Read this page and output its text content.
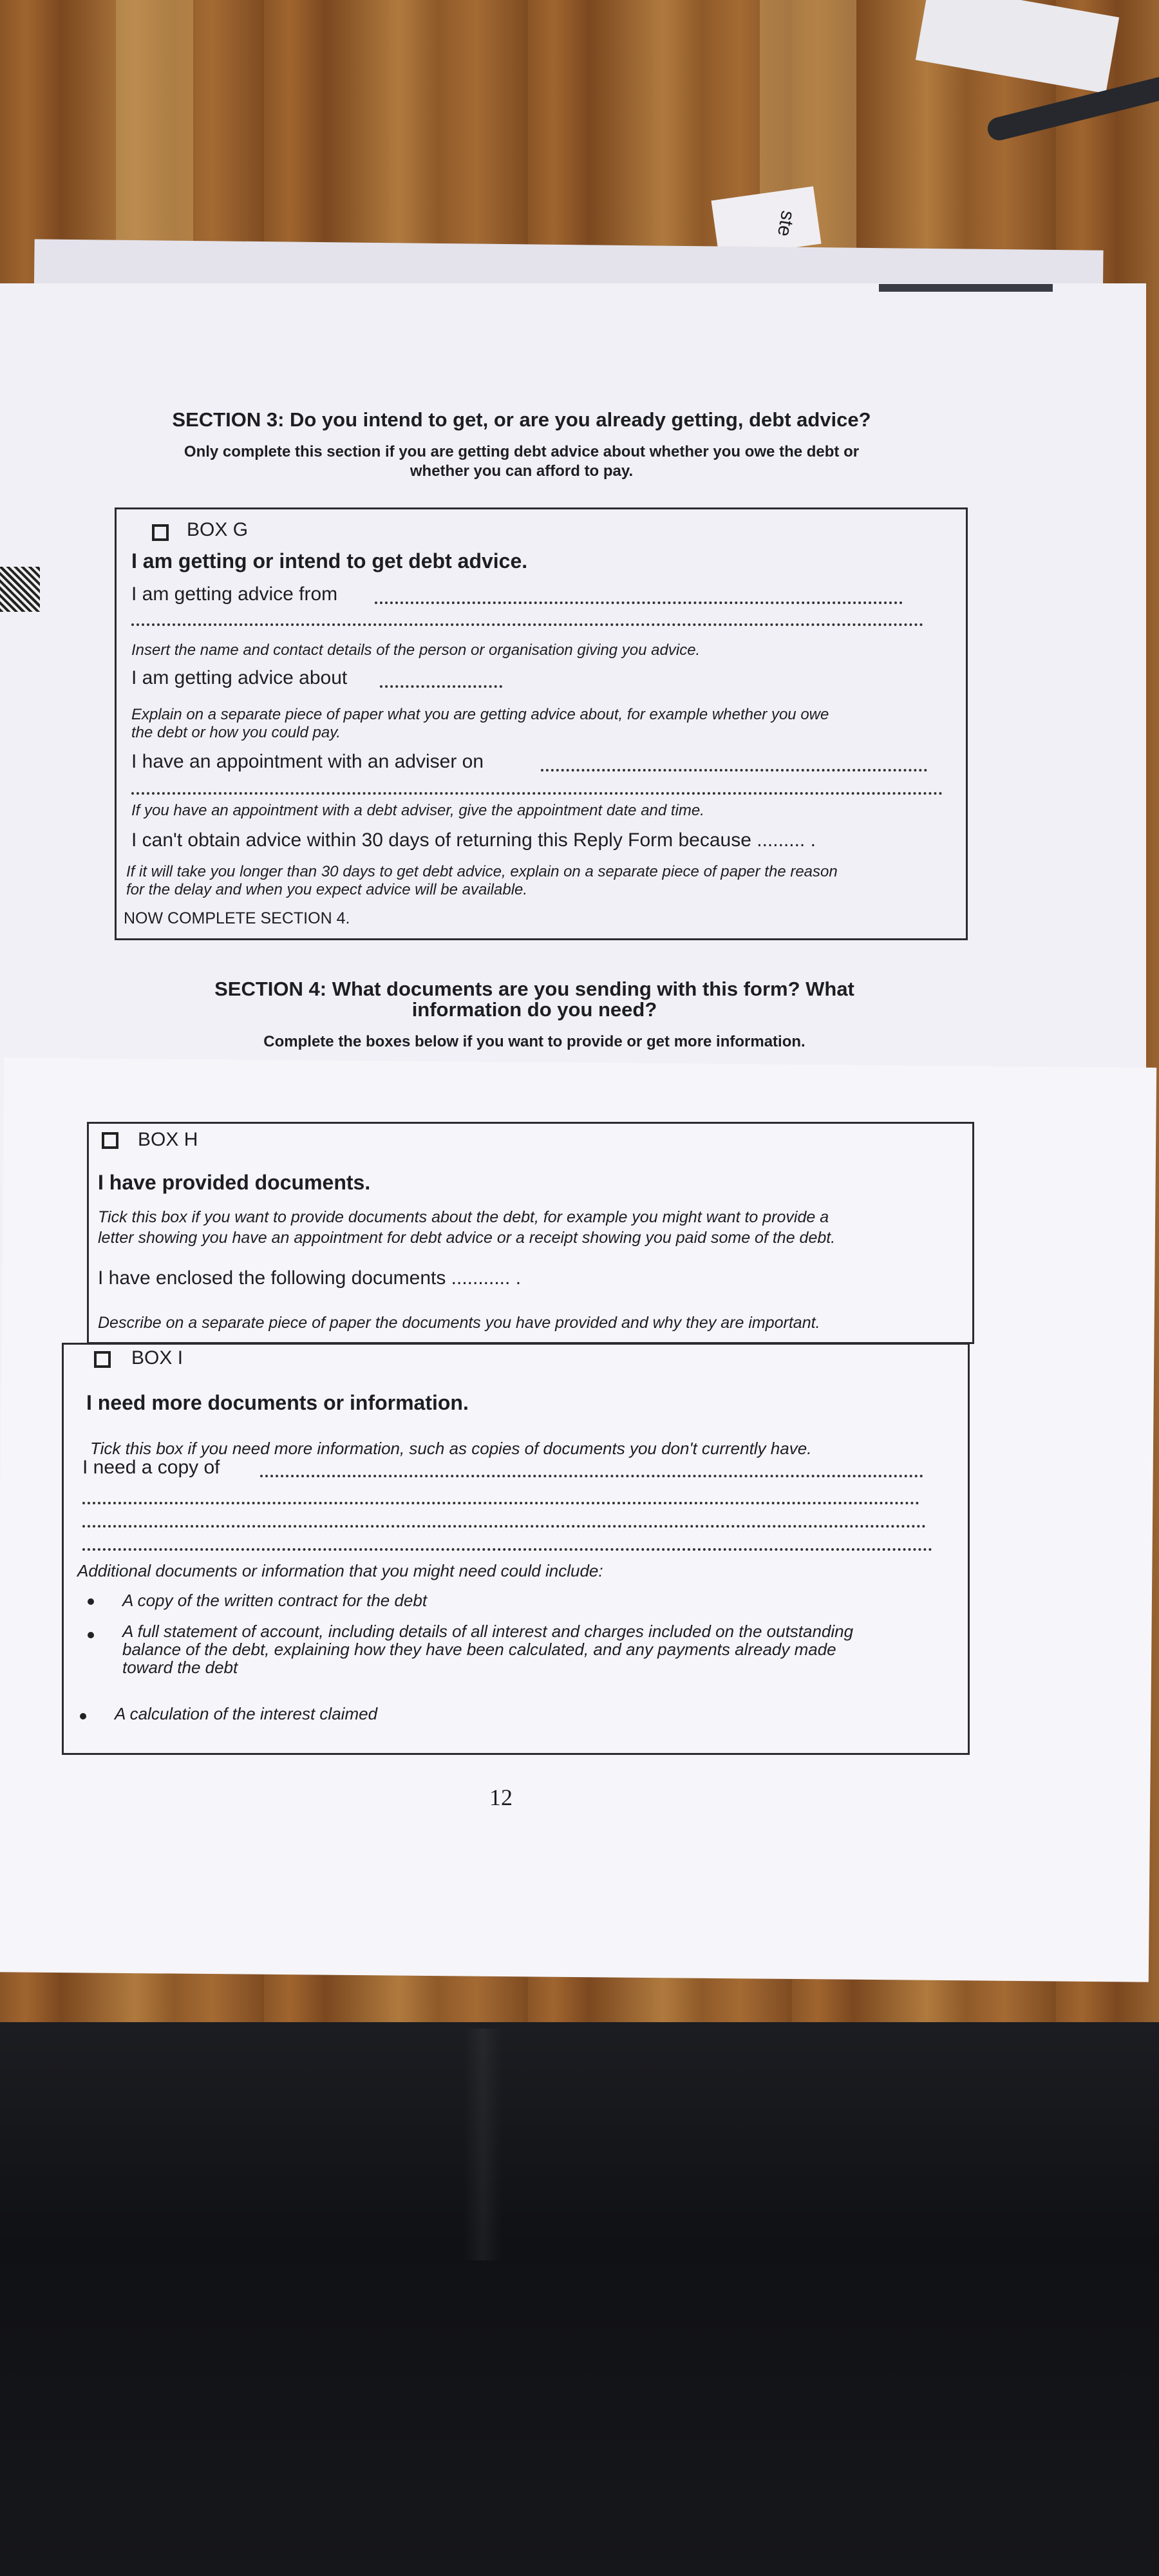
ste
SECTION 3: Do you intend to get, or are you already getting, debt advice?
Only complete this section if you are getting debt advice about whether you owe the debt or
whether you can afford to pay.
BOX G
I am getting or intend to get debt advice.
I am getting advice from
Insert the name and contact details of the person or organisation giving you advice.
I am getting advice about
Explain on a separate piece of paper what you are getting advice about, for example whether you owe
the debt or how you could pay.
I have an appointment with an adviser on
If you have an appointment with a debt adviser, give the appointment date and time.
I can't obtain advice within 30 days of returning this Reply Form because ......... .
If it will take you longer than 30 days to get debt advice, explain on a separate piece of paper the reason
for the delay and when you expect advice will be available.
NOW COMPLETE SECTION 4.
SECTION 4: What documents are you sending with this form? What
information do you need?
Complete the boxes below if you want to provide or get more information.
BOX H
I have provided documents.
Tick this box if you want to provide documents about the debt, for example you might want to provide a
letter showing you have an appointment for debt advice or a receipt showing you paid some of the debt.
I have enclosed the following documents ........... .
Describe on a separate piece of paper the documents you have provided and why they are important.
BOX I
I need more documents or information.
Tick this box if you need more information, such as copies of documents you don't currently have.
I need a copy of
Additional documents or information that you might need could include:
A copy of the written contract for the debt
A full statement of account, including details of all interest and charges included on the outstanding
balance of the debt, explaining how they have been calculated, and any payments already made
toward the debt
A calculation of the interest claimed
12
